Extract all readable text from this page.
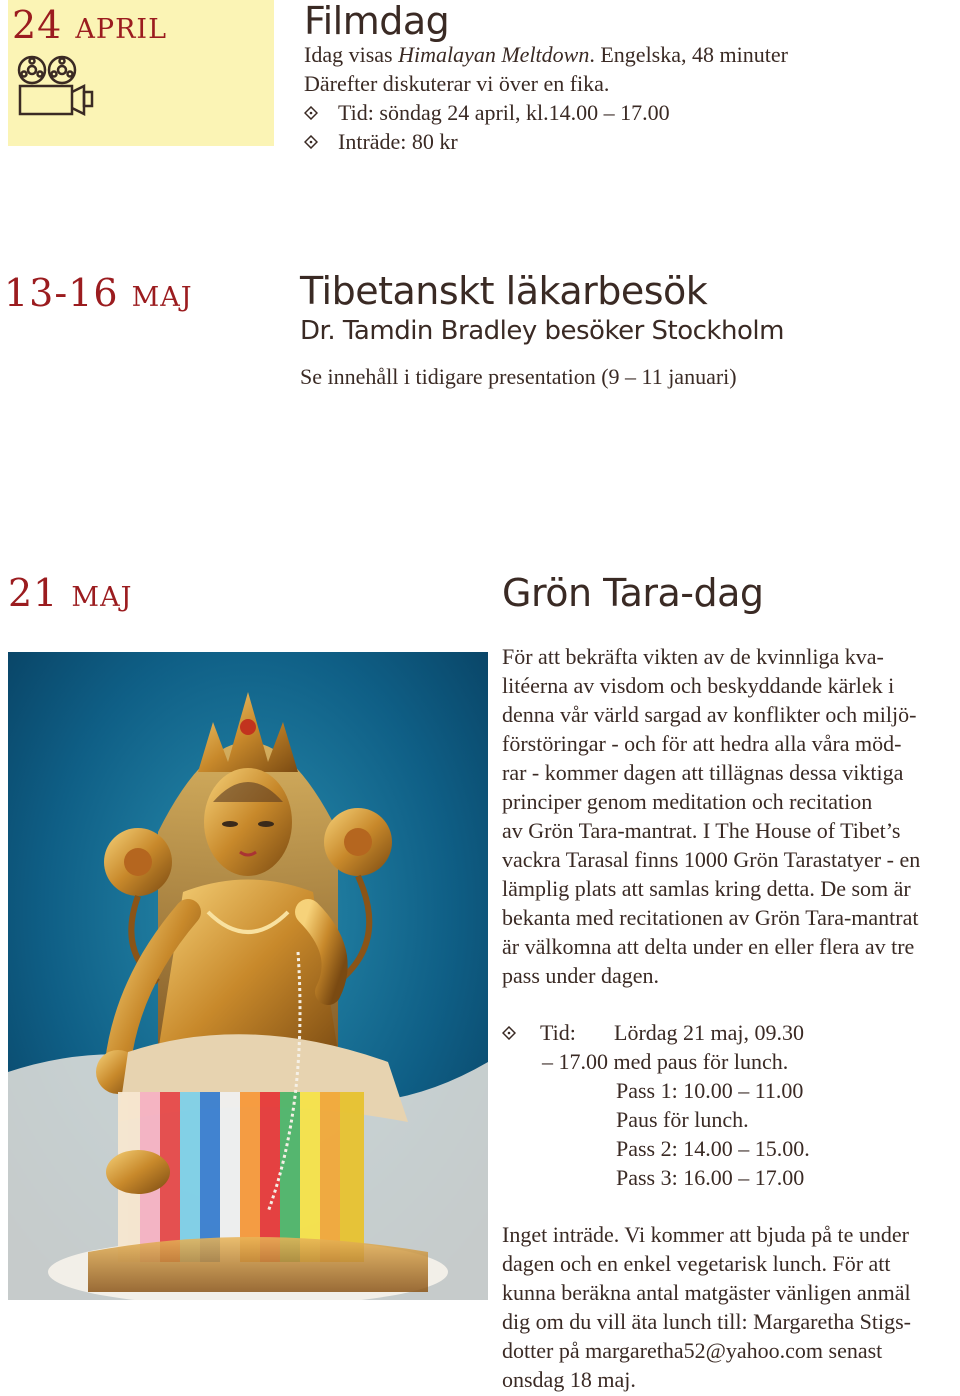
24 april	Filmdag
Idag visas Himalayan Meltdown. Engelska, 48 minuter
Därefter diskuterar vi över en fika.
Tid: söndag 24 april, kl.14.00 – 17.00
Inträde: 80 kr
13-16 maj	Tibetanskt läkarbesök
Dr. Tamdin Bradley besöker Stockholm
Se innehåll i tidigare presentation (9 – 11 januari)
21 maj	Grön Tara-dag
För att bekräfta vikten av de kvinnliga kva-
litéerna av visdom och beskyddande kärlek i
denna vår värld sargad av konflikter och miljö-
förstöringar - och för att hedra alla våra möd-
rar - kommer dagen att tillägnas dessa viktiga
principer genom meditation och recitation
av Grön Tara-mantrat. I The House of Tibet’s
vackra Tarasal finns 1000 Grön Tarastatyer - en
lämplig plats att samlas kring detta. De som är
bekanta med recitationen av Grön Tara-mantrat
är välkomna att delta under en eller flera av tre
pass under dagen.
Tid:	Lördag 21 maj, 09.30
– 17.00 med paus för lunch.
Pass 1: 10.00 – 11.00
Paus för lunch.
Pass 2: 14.00 – 15.00.
Pass 3: 16.00 – 17.00
Inget inträde. Vi kommer att bjuda på te under
dagen och en enkel vegetarisk lunch. För att
kunna beräkna antal matgäster vänligen anmäl
dig om du vill äta lunch till: Margaretha Stigs-
dotter på margaretha52@yahoo.com senast
onsdag 18 maj.
